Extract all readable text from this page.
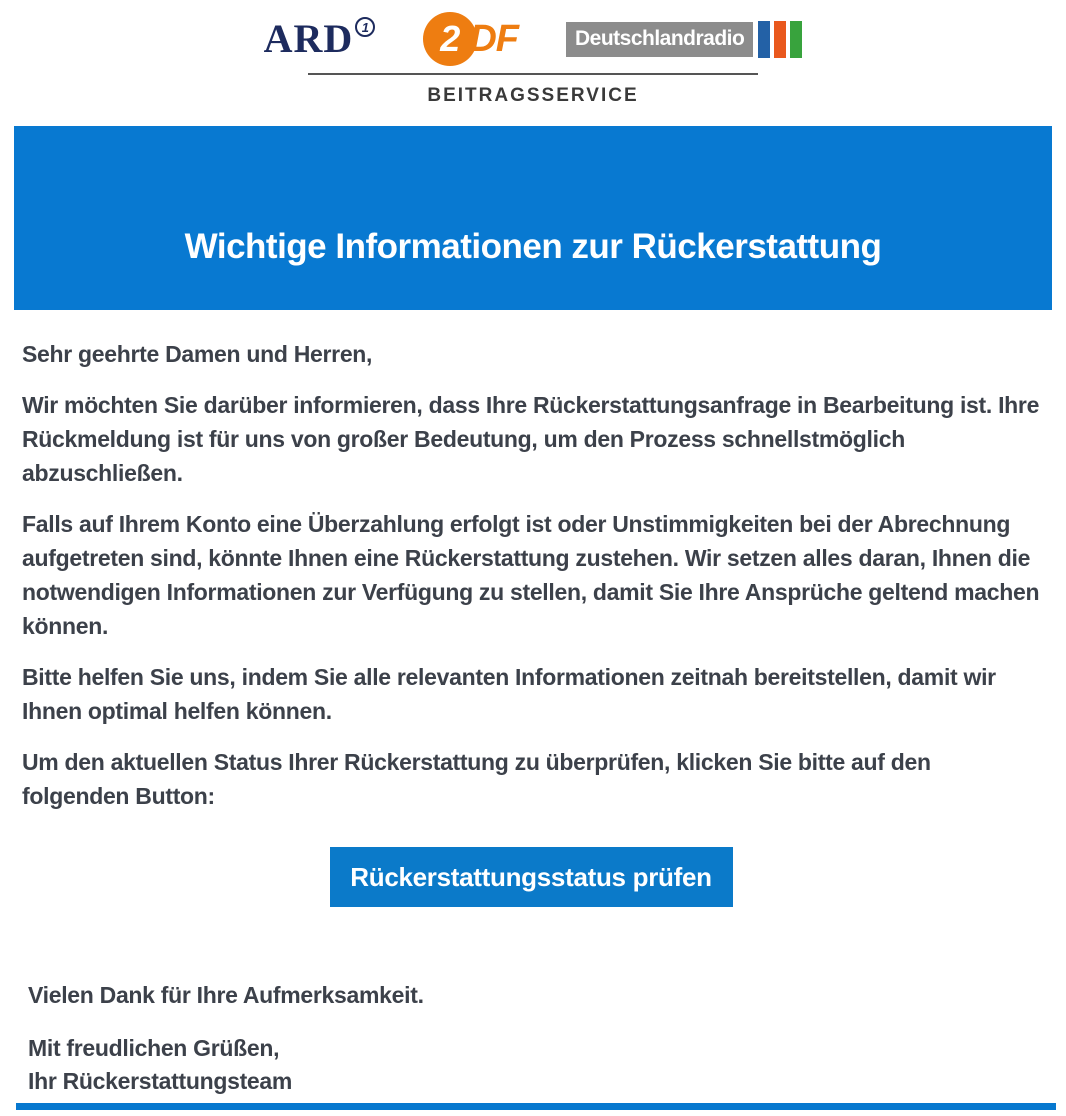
ARD 1	2 DF	Deutschlandradio
BEITRAGSSERVICE
Wichtige Informationen zur Rückerstattung

Sehr geehrte Damen und Herren,

Wir möchten Sie darüber informieren, dass Ihre Rückerstattungsanfrage in Bearbeitung ist. Ihre Rückmeldung ist für uns von großer Bedeutung, um den Prozess schnellstmöglich abzuschließen.

Falls auf Ihrem Konto eine Überzahlung erfolgt ist oder Unstimmigkeiten bei der Abrechnung aufgetreten sind, könnte Ihnen eine Rückerstattung zustehen. Wir setzen alles daran, Ihnen die notwendigen Informationen zur Verfügung zu stellen, damit Sie Ihre Ansprüche geltend machen können.

Bitte helfen Sie uns, indem Sie alle relevanten Informationen zeitnah bereitstellen, damit wir Ihnen optimal helfen können.

Um den aktuellen Status Ihrer Rückerstattung zu überprüfen, klicken Sie bitte auf den folgenden Button:

Rückerstattungsstatus prüfen

Vielen Dank für Ihre Aufmerksamkeit.

Mit freudlichen Grüßen,

Ihr Rückerstattungsteam
